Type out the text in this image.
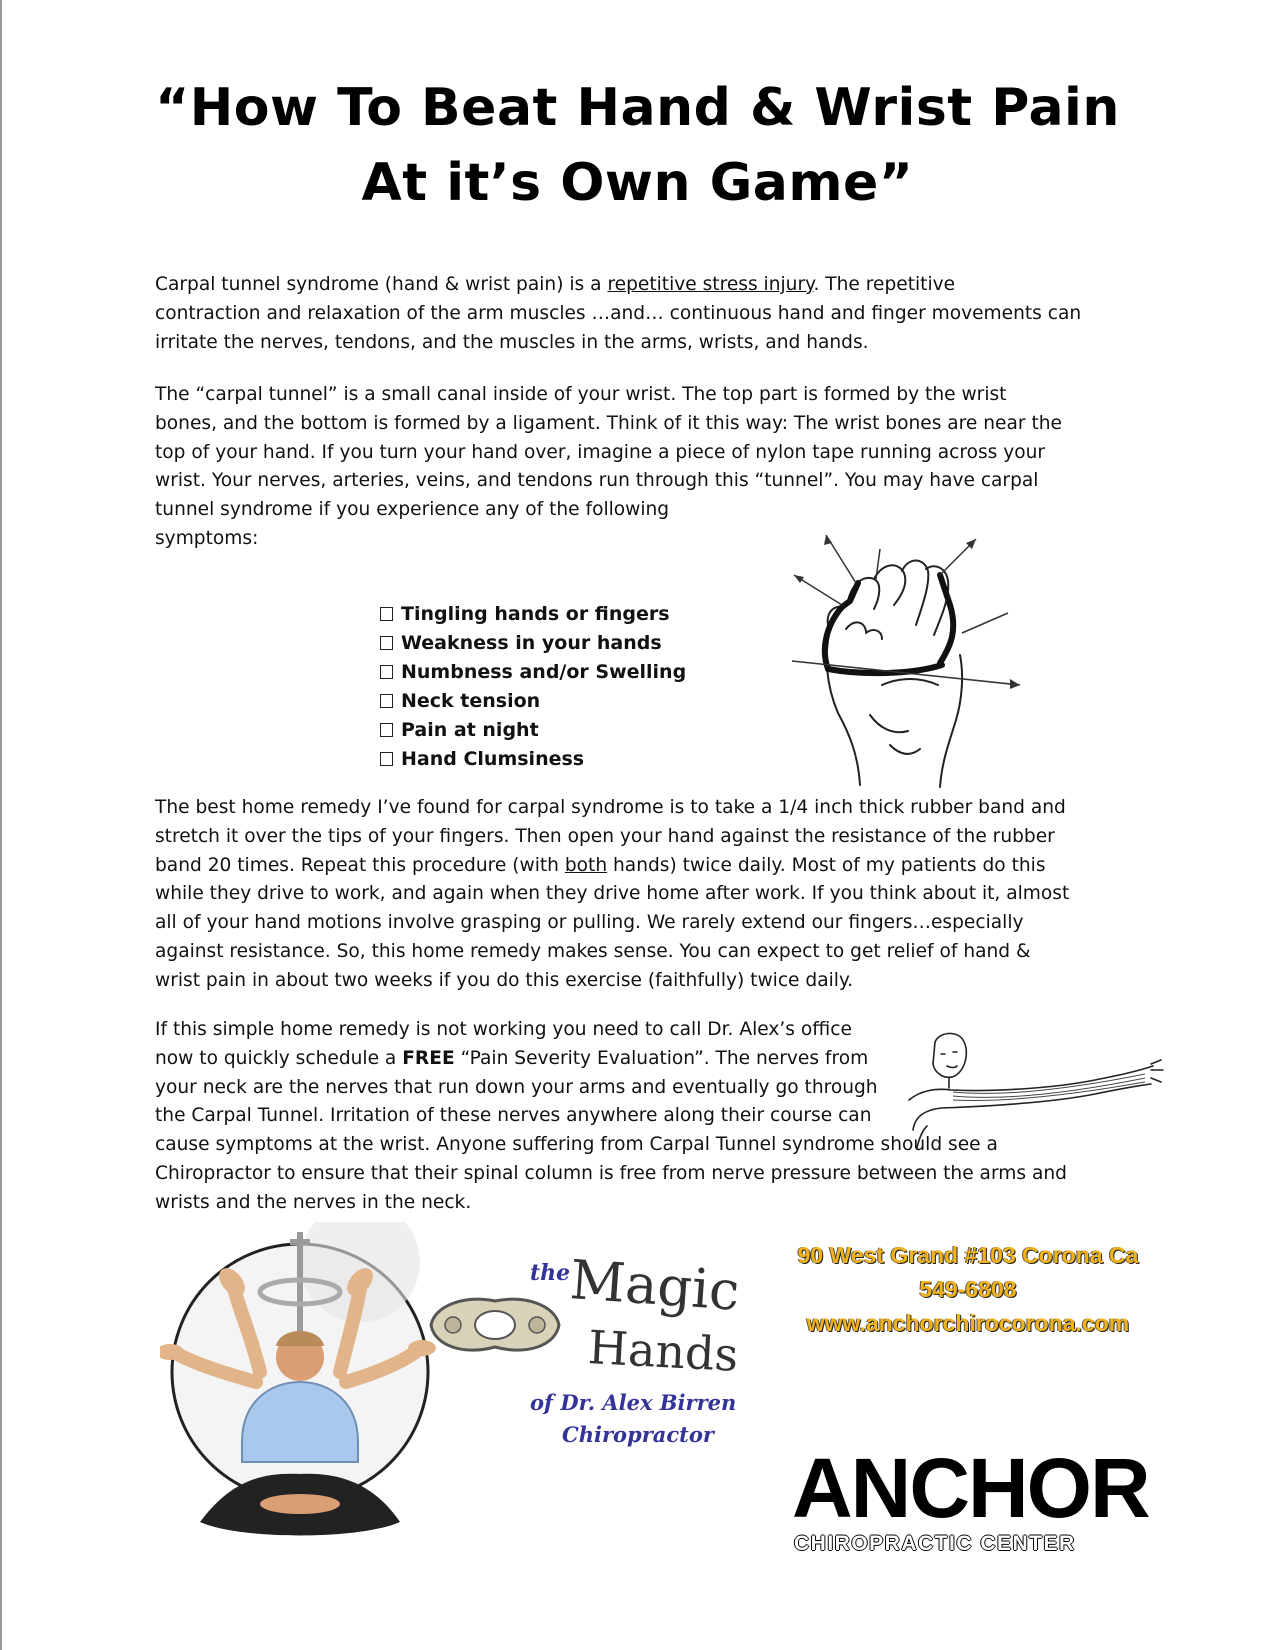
“How To Beat Hand & Wrist Pain
At it’s Own Game”
Carpal tunnel syndrome (hand & wrist pain) is a repetitive stress injury. The repetitive
contraction and relaxation of the arm muscles …and… continuous hand and finger movements can
irritate the nerves, tendons, and the muscles in the arms, wrists, and hands.
The “carpal tunnel” is a small canal inside of your wrist. The top part is formed by the wrist
bones, and the bottom is formed by a ligament. Think of it this way: The wrist bones are near the
top of your hand. If you turn your hand over, imagine a piece of nylon tape running across your
wrist. Your nerves, arteries, veins, and tendons run through this “tunnel”. You may have carpal
tunnel syndrome if you experience any of the following
symptoms:
Tingling hands or fingers
Weakness in your hands
Numbness and/or Swelling
Neck tension
Pain at night
Hand Clumsiness
The best home remedy I’ve found for carpal syndrome is to take a 1/4 inch thick rubber band and
stretch it over the tips of your fingers. Then open your hand against the resistance of the rubber
band 20 times. Repeat this procedure (with both hands) twice daily. Most of my patients do this
while they drive to work, and again when they drive home after work. If you think about it, almost
all of your hand motions involve grasping or pulling. We rarely extend our fingers…especially
against resistance. So, this home remedy makes sense. You can expect to get relief of hand &
wrist pain in about two weeks if you do this exercise (faithfully) twice daily.
If this simple home remedy is not working you need to call Dr. Alex’s office
now to quickly schedule a FREE “Pain Severity Evaluation”. The nerves from
your neck are the nerves that run down your arms and eventually go through
the Carpal Tunnel. Irritation of these nerves anywhere along their course can
cause symptoms at the wrist. Anyone suffering from Carpal Tunnel syndrome should see a
Chiropractor to ensure that their spinal column is free from nerve pressure between the arms and
wrists and the nerves in the neck.
the
Magic
Hands
of Dr. Alex Birren
Chiropractor
90 West Grand #103 Corona Ca
549-6808
www.anchorchirocorona.com
ANCHOR
CHIROPRACTIC CENTER
